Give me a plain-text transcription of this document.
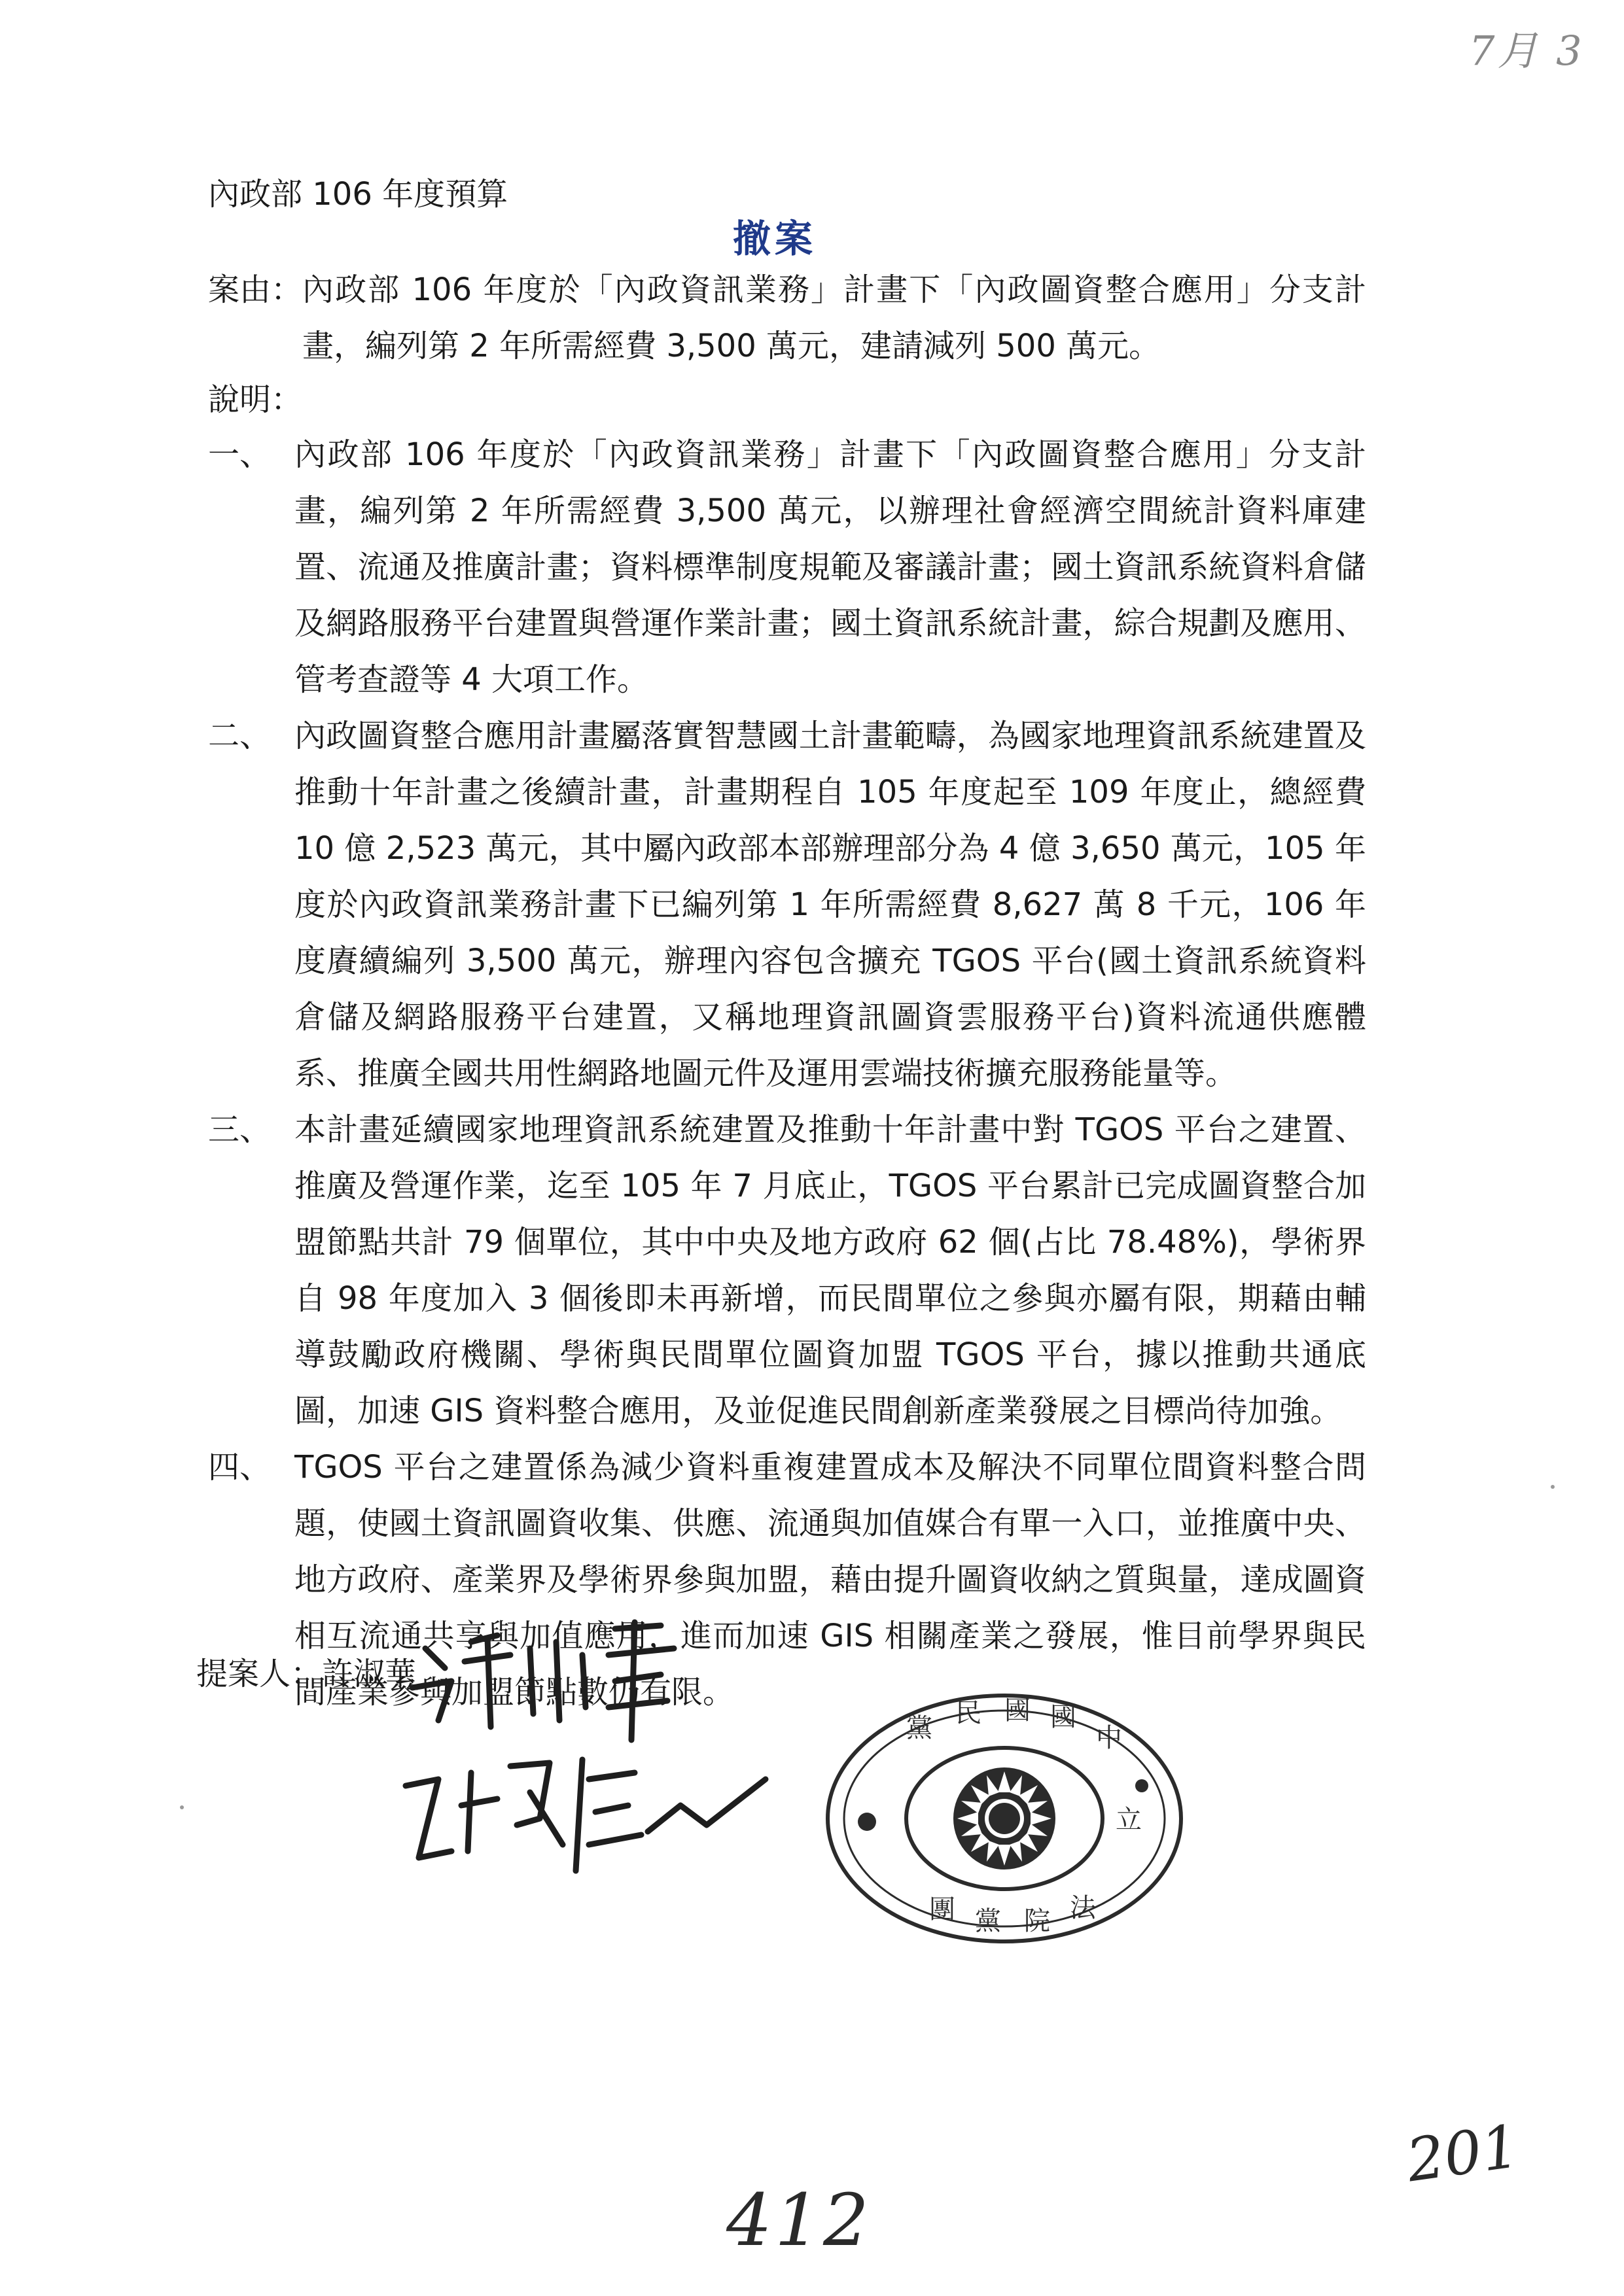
7月 3
內政部 106 年度預算
撤案
案由： 內政部 106 年度於「內政資訊業務」計畫下「內政圖資整合應用」分支計畫，編列第 2 年所需經費 3,500 萬元，建請減列 500 萬元。
說明：
一、 內政部 106 年度於「內政資訊業務」計畫下「內政圖資整合應用」分支計畫，編列第 2 年所需經費 3,500 萬元，以辦理社會經濟空間統計資料庫建置、流通及推廣計畫；資料標準制度規範及審議計畫；國土資訊系統資料倉儲及網路服務平台建置與營運作業計畫；國土資訊系統計畫，綜合規劃及應用、管考查證等 4 大項工作。
二、 內政圖資整合應用計畫屬落實智慧國土計畫範疇，為國家地理資訊系統建置及推動十年計畫之後續計畫，計畫期程自 105 年度起至 109 年度止，總經費 10 億 2,523 萬元，其中屬內政部本部辦理部分為 4 億 3,650 萬元，105 年度於內政資訊業務計畫下已編列第 1 年所需經費 8,627 萬 8 千元，106 年度賡續編列 3,500 萬元，辦理內容包含擴充 TGOS 平台(國土資訊系統資料倉儲及網路服務平台建置，又稱地理資訊圖資雲服務平台)資料流通供應體系、推廣全國共用性網路地圖元件及運用雲端技術擴充服務能量等。
三、 本計畫延續國家地理資訊系統建置及推動十年計畫中對 TGOS 平台之建置、推廣及營運作業，迄至 105 年 7 月底止，TGOS 平台累計已完成圖資整合加盟節點共計 79 個單位，其中中央及地方政府 62 個(占比 78.48%)，學術界自 98 年度加入 3 個後即未再新增，而民間單位之參與亦屬有限，期藉由輔導鼓勵政府機關、學術與民間單位圖資加盟 TGOS 平台，據以推動共通底圖，加速 GIS 資料整合應用，及並促進民間創新產業發展之目標尚待加強。
四、 TGOS 平台之建置係為減少資料重複建置成本及解決不同單位間資料整合問題，使國土資訊圖資收集、供應、流通與加值媒合有單一入口，並推廣中央、地方政府、產業界及學術界參與加盟，藉由提升圖資收納之質與量，達成圖資相互流通共享與加值應用，進而加速 GIS 相關產業之發展，惟目前學界與民間產業參與加盟節點數仍有限。
提案人：許淑華
黨 民 國 國
中
立
法
院
黨
團
412
201
